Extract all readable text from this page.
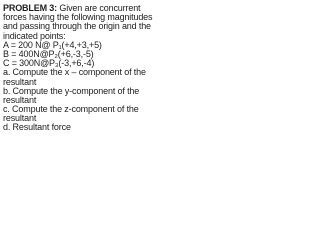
PROBLEM 3: Given are concurrent
forces having the following magnitudes
and passing through the origin and the
indicated points:
A = 200 N@ P₁(+4,+3,+5)
B = 400N@P₂(+6,-3,-5)
C = 300N@P₃(-3,+6,-4)
a. Compute the x – component of the
resultant
b. Compute the y-component of the
resultant
c. Compute the z-component of the
resultant
d. Resultant force
